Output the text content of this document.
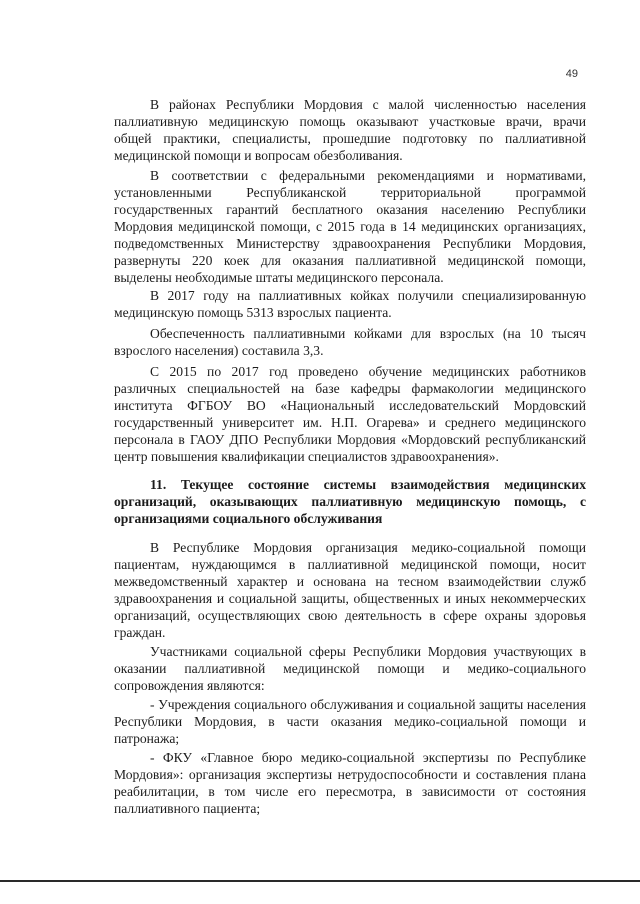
49
В районах Республики Мордовия с малой численностью населения
паллиативную медицинскую помощь оказывают участковые врачи, врачи
общей практики, специалисты, прошедшие подготовку по паллиативной
медицинской помощи и вопросам обезболивания.
В соответствии с федеральными рекомендациями и нормативами,
установленными Республиканской территориальной программой
государственных гарантий бесплатного оказания населению Республики
Мордовия медицинской помощи, с 2015 года в 14 медицинских организациях,
подведомственных Министерству здравоохранения Республики Мордовия,
развернуты 220 коек для оказания паллиативной медицинской помощи,
выделены необходимые штаты медицинского персонала.
В 2017 году на паллиативных койках получили специализированную
медицинскую помощь 5313 взрослых пациента.
Обеспеченность паллиативными койками для взрослых (на 10 тысяч
взрослого населения) составила 3,3.
С 2015 по 2017 год проведено обучение медицинских работников
различных специальностей на базе кафедры фармакологии медицинского
института ФГБОУ ВО «Национальный исследовательский Мордовский
государственный университет им. Н.П. Огарева» и среднего медицинского
персонала в ГАОУ ДПО Республики Мордовия «Мордовский республиканский
центр повышения квалификации специалистов здравоохранения».
11. Текущее состояние системы взаимодействия медицинских
организаций, оказывающих паллиативную медицинскую помощь, с
организациями социального обслуживания
В Республике Мордовия организация медико-социальной помощи
пациентам, нуждающимся в паллиативной медицинской помощи, носит
межведомственный характер и основана на тесном взаимодействии служб
здравоохранения и социальной защиты, общественных и иных некоммерческих
организаций, осуществляющих свою деятельность в сфере охраны здоровья
граждан.
Участниками социальной сферы Республики Мордовия участвующих в
оказании паллиативной медицинской помощи и медико-социального
сопровождения являются:
- Учреждения социального обслуживания и социальной защиты населения
Республики Мордовия, в части оказания медико-социальной помощи и
патронажа;
- ФКУ «Главное бюро медико-социальной экспертизы по Республике
Мордовия»: организация экспертизы нетрудоспособности и составления плана
реабилитации, в том числе его пересмотра, в зависимости от состояния
паллиативного пациента;
